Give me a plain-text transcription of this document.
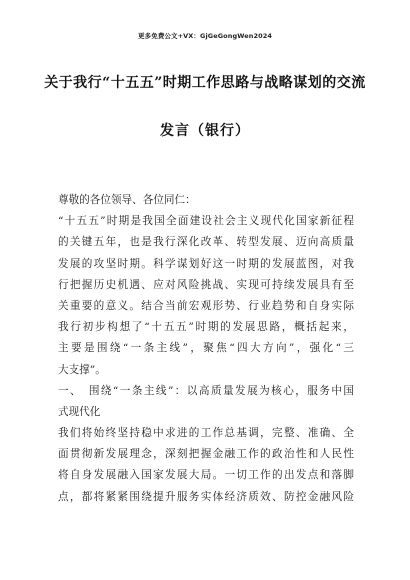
更多免费公文+VX：GjGeGongWen2024
关于我行“十五五”时期工作思路与战略谋划的交流
发言（银行）
尊敬的各位领导、各位同仁：
“十五五”时期是我国全面建设社会主义现代化国家新征程
的关键五年，也是我行深化改革、转型发展、迈向高质量
发展的攻坚时期。科学谋划好这一时期的发展蓝图，对我
行把握历史机遇、应对风险挑战、实现可持续发展具有至
关重要的意义。结合当前宏观形势、行业趋势和自身实际
我行初步构想了“十五五”时期的发展思路，概括起来，
主要是围绕“一条主线”，聚焦“四大方向”，强化“三
大支撑”。
一、　围绕“一条主线”：以高质量发展为核心，服务中国
式现代化
我们将始终坚持稳中求进的工作总基调，完整、准确、全
面贯彻新发展理念，深刻把握金融工作的政治性和人民性
将自身发展融入国家发展大局。一切工作的出发点和落脚
点，都将紧紧围绕提升服务实体经济质效、防控金融风险
